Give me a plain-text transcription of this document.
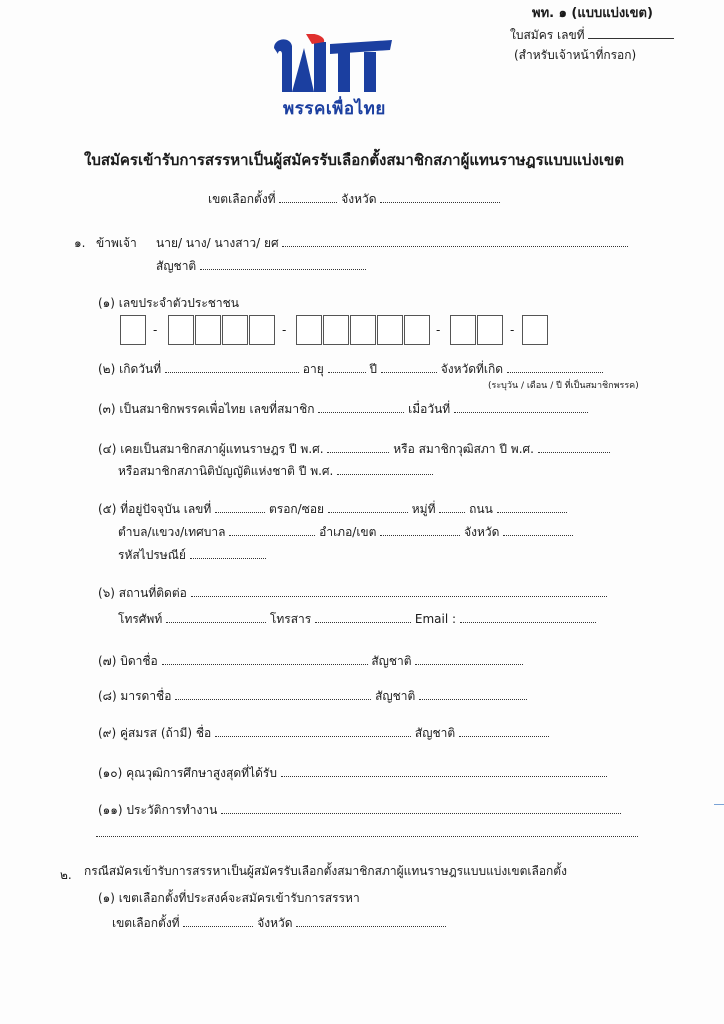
พท. ๑ (แบบแบ่งเขต)
ใบสมัคร เลขที่
(สำหรับเจ้าหน้าที่กรอก)
พรรคเพื่อไทย
ใบสมัครเข้ารับการสรรหาเป็นผู้สมัครรับเลือกตั้งสมาชิกสภาผู้แทนราษฎรแบบแบ่งเขต
เขตเลือกตั้งที่	จังหวัด
๑. ข้าพเจ้า นาย/ นาง/ นางสาว/ ยศ
สัญชาติ
(๑) เลขประจำตัวประชาชน
-	-	-	-
(๒) เกิดวันที่	อายุ	ปี	จังหวัดที่เกิด
(ระบุวัน / เดือน / ปี ที่เป็นสมาชิกพรรค)
(๓) เป็นสมาชิกพรรคเพื่อไทย เลขที่สมาชิก	เมื่อวันที่
(๔) เคยเป็นสมาชิกสภาผู้แทนราษฎร ปี พ.ศ.	หรือ สมาชิกวุฒิสภา ปี พ.ศ.
หรือสมาชิกสภานิติบัญญัติแห่งชาติ ปี พ.ศ.
(๕) ที่อยู่ปัจจุบัน เลขที่	ตรอก/ซอย	หมู่ที่	ถนน
ตำบล/แขวง/เทศบาล	อำเภอ/เขต	จังหวัด
รหัสไปรษณีย์
(๖) สถานที่ติดต่อ
โทรศัพท์	โทรสาร	Email :
(๗) บิดาชื่อ	สัญชาติ
(๘) มารดาชื่อ	สัญชาติ
(๙) คู่สมรส (ถ้ามี) ชื่อ	สัญชาติ
(๑๐) คุณวุฒิการศึกษาสูงสุดที่ได้รับ
(๑๑) ประวัติการทำงาน
๒. กรณีสมัครเข้ารับการสรรหาเป็นผู้สมัครรับเลือกตั้งสมาชิกสภาผู้แทนราษฎรแบบแบ่งเขตเลือกตั้ง
(๑) เขตเลือกตั้งที่ประสงค์จะสมัครเข้ารับการสรรหา
เขตเลือกตั้งที่	จังหวัด
